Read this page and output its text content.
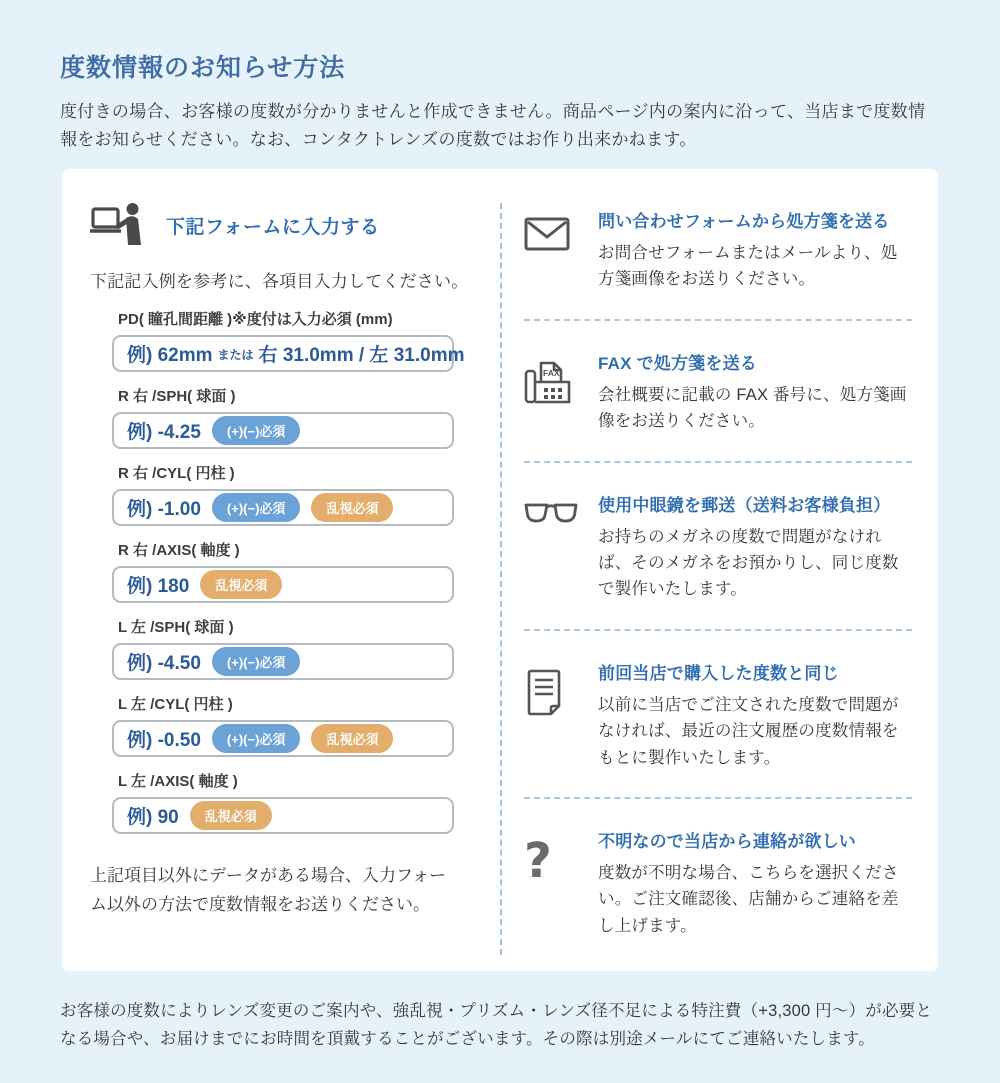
度数情報のお知らせ方法

度付きの場合、お客様の度数が分かりませんと作成できません。商品ページ内の案内に沿って、当店まで度数情報をお知らせください。なお、コンタクトレンズの度数ではお作り出来かねます。

下記フォームに入力する

下記記入例を参考に、各項目入力してください。

PD( 瞳孔間距離 )※度付は入力必須 (mm)
例) 62mm または 右 31.0mm / 左 31.0mm
R 右 /SPH( 球面 )
例) -4.25	(+)(−)必須
R 右 /CYL( 円柱 )
例) -1.00	(+)(−)必須	乱視必須
R 右 /AXIS( 軸度 )
例) 180	乱視必須
L 左 /SPH( 球面 )
例) -4.50	(+)(−)必須
L 左 /CYL( 円柱 )
例) -0.50	(+)(−)必須	乱視必須
L 左 /AXIS( 軸度 )
例) 90	乱視必須

上記項目以外にデータがある場合、入力フォーム以外の方法で度数情報をお送りください。

問い合わせフォームから処方箋を送る
お問合せフォームまたはメールより、処方箋画像をお送りください。
FAX FAX で処方箋を送る
会社概要に記載の FAX 番号に、処方箋画像をお送りください。
使用中眼鏡を郵送（送料お客様負担）
お持ちのメガネの度数で問題がなければ、そのメガネをお預かりし、同じ度数で製作いたします。
前回当店で購入した度数と同じ
以前に当店でご注文された度数で問題がなければ、最近の注文履歴の度数情報をもとに製作いたします。
?	不明なので当店から連絡が欲しい
度数が不明な場合、こちらを選択ください。ご注文確認後、店舗からご連絡を差し上げます。

お客様の度数によりレンズ変更のご案内や、強乱視・プリズム・レンズ径不足による特注費（+3,300 円～）が必要となる場合や、お届けまでにお時間を頂戴することがございます。その際は別途メールにてご連絡いたします。
